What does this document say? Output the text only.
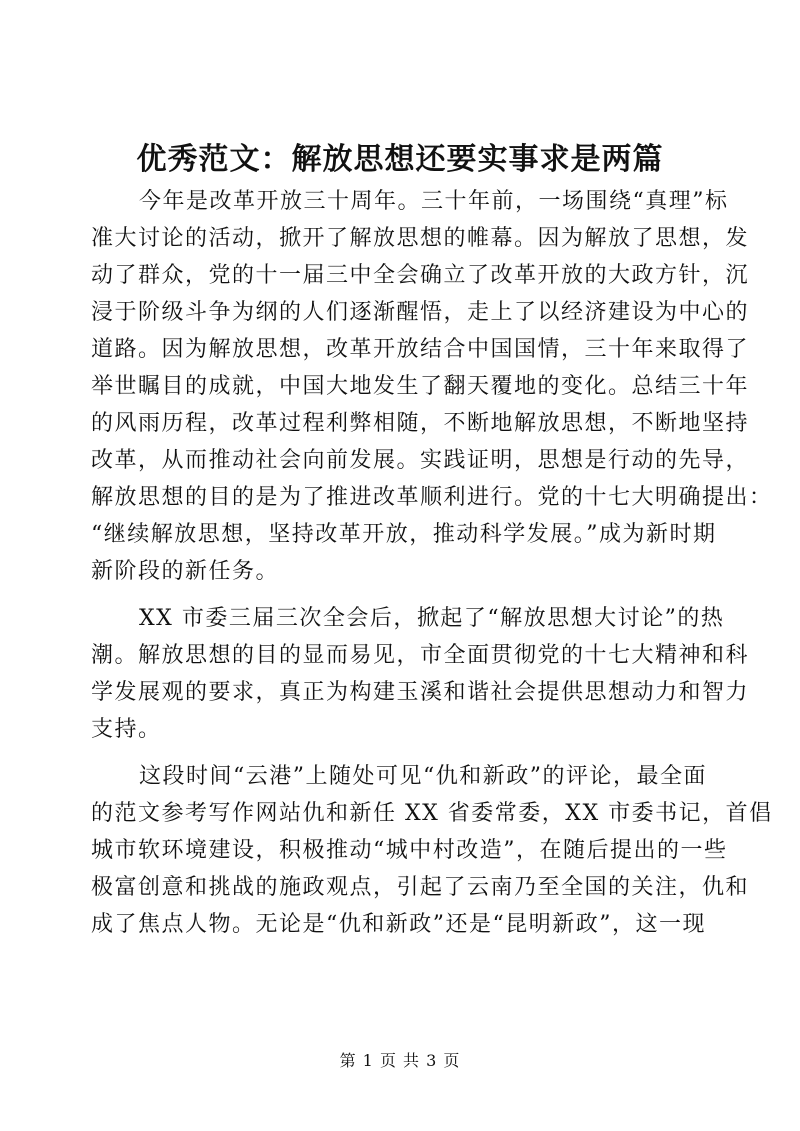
优秀范文：解放思想还要实事求是两篇
今年是改革开放三十周年。三十年前，一场围绕“真理”标
准大讨论的活动，掀开了解放思想的帷幕。因为解放了思想，发
动了群众，党的十一届三中全会确立了改革开放的大政方针，沉
浸于阶级斗争为纲的人们逐渐醒悟，走上了以经济建设为中心的
道路。因为解放思想，改革开放结合中国国情，三十年来取得了
举世瞩目的成就，中国大地发生了翻天覆地的变化。总结三十年
的风雨历程，改革过程利弊相随，不断地解放思想，不断地坚持
改革，从而推动社会向前发展。实践证明，思想是行动的先导，
解放思想的目的是为了推进改革顺利进行。党的十七大明确提出：
“继续解放思想，坚持改革开放，推动科学发展。”成为新时期
新阶段的新任务。
XX 市委三届三次全会后，掀起了“解放思想大讨论”的热
潮。解放思想的目的显而易见，市全面贯彻党的十七大精神和科
学发展观的要求，真正为构建玉溪和谐社会提供思想动力和智力
支持。
这段时间“云港”上随处可见“仇和新政”的评论，最全面
的范文参考写作网站仇和新任 XX 省委常委，XX 市委书记，首倡
城市软环境建设，积极推动“城中村改造”，在随后提出的一些
极富创意和挑战的施政观点，引起了云南乃至全国的关注，仇和
成了焦点人物。无论是“仇和新政”还是“昆明新政”，这一现
第 1 页 共 3 页
